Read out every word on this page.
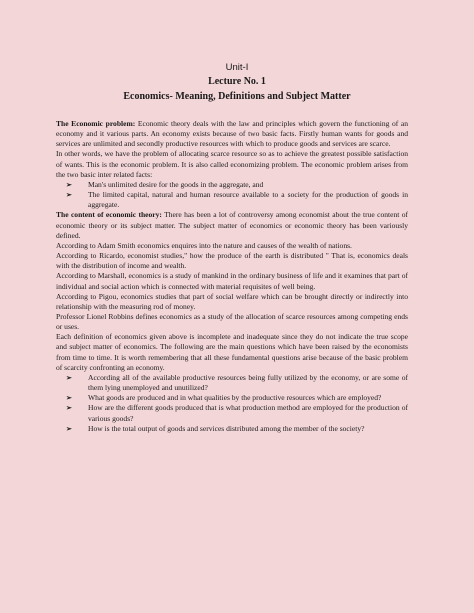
Unit-I
Lecture No. 1
Economics- Meaning, Definitions and Subject Matter

The Economic problem: Economic theory deals with the law and principles which govern the functioning of an economy and it various parts. An economy exists because of two basic facts. Firstly human wants for goods and services are unlimited and secondly productive resources with which to produce goods and services are scarce.

In other words, we have the problem of allocating scarce resource so as to achieve the greatest possible satisfaction of wants. This is the economic problem. It is also called economizing problem. The economic problem arises from the two basic inter related facts:

➢ Man's unlimited desire for the goods in the aggregate, and
➢ The limited capital, natural and human resource available to a society for the production of goods in aggregate.

The content of economic theory: There has been a lot of controversy among economist about the true content of economic theory or its subject matter. The subject matter of economics or economic theory has been variously defined.

According to Adam Smith economics enquires into the nature and causes of the wealth of nations.

According to Ricardo, economist studies," how the produce of the earth is distributed " That is, economics deals with the distribution of income and wealth.

According to Marshall, economics is a study of mankind in the ordinary business of life and it examines that part of individual and social action which is connected with material requisites of well being.

According to Pigou, economics studies that part of social welfare which can be brought directly or indirectly into relationship with the measuring rod of money.

Professor Lionel Robbins defines economics as a study of the allocation of scarce resources among competing ends or uses.

Each definition of economics given above is incomplete and inadequate since they do not indicate the true scope and subject matter of economics. The following are the main questions which have been raised by the economists from time to time. It is worth remembering that all these fundamental questions arise because of the basic problem of scarcity confronting an economy.

➢ According all of the available productive resources being fully utilized by the economy, or are some of them lying unemployed and unutilized?
➢ What goods are produced and in what qualities by the productive resources which are employed?
➢ How are the different goods produced that is what production method are employed for the production of various goods?
➢ How is the total output of goods and services distributed among the member of the society?
